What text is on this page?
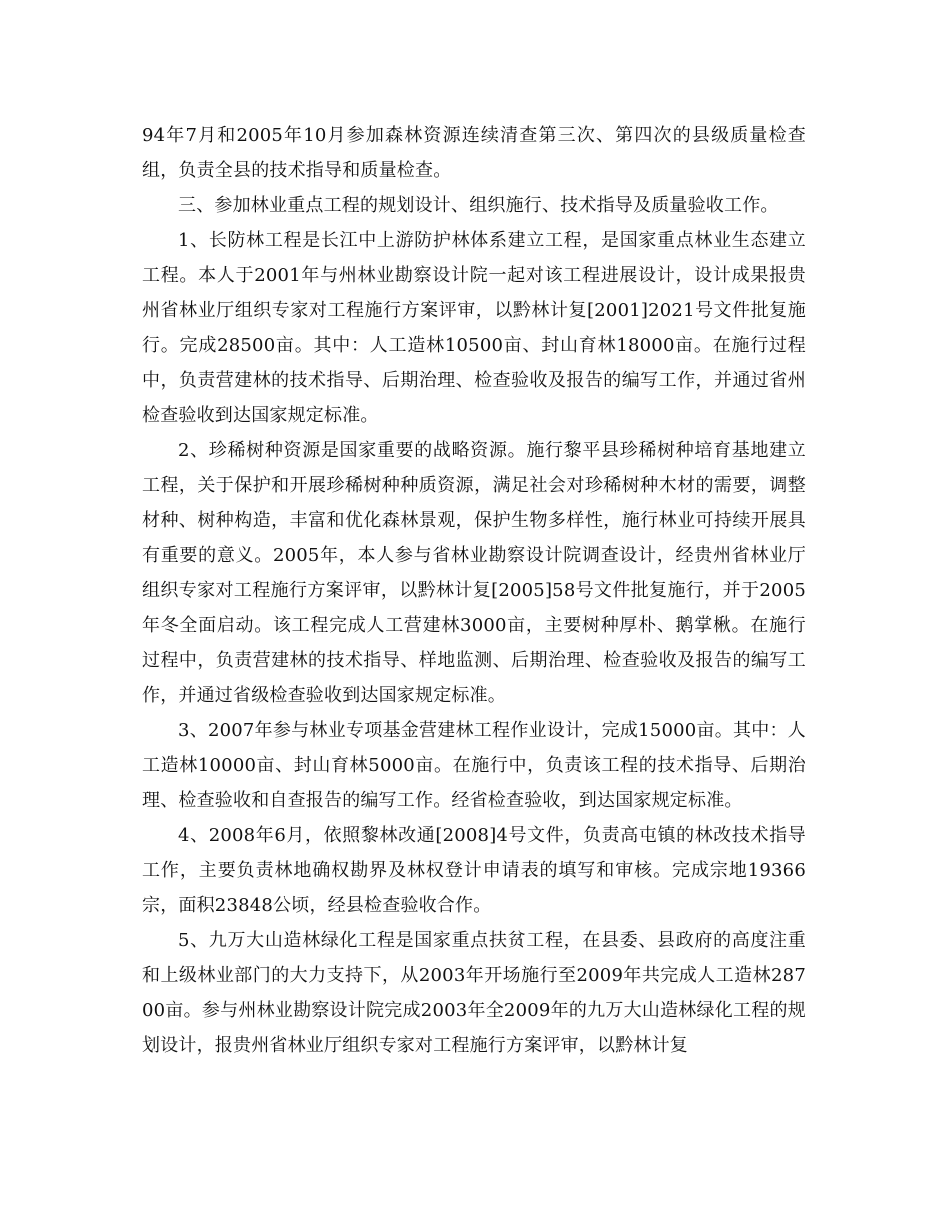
94年7月和2005年10月参加森林资源连续清查第三次、第四次的县级质量检查组，负责全县的技术指导和质量检查。

三、参加林业重点工程的规划设计、组织施行、技术指导及质量验收工作。

1、长防林工程是长江中上游防护林体系建立工程，是国家重点林业生态建立工程。本人于2001年与州林业勘察设计院一起对该工程进展设计，设计成果报贵州省林业厅组织专家对工程施行方案评审，以黔林计复[2001]2021号文件批复施行。完成28500亩。其中：人工造林10500亩、封山育林18000亩。在施行过程中，负责营建林的技术指导、后期治理、检查验收及报告的编写工作，并通过省州检查验收到达国家规定标准。

2、珍稀树种资源是国家重要的战略资源。施行黎平县珍稀树种培育基地建立工程，关于保护和开展珍稀树种种质资源，满足社会对珍稀树种木材的需要，调整材种、树种构造，丰富和优化森林景观，保护生物多样性，施行林业可持续开展具有重要的意义。2005年，本人参与省林业勘察设计院调查设计，经贵州省林业厅组织专家对工程施行方案评审，以黔林计复[2005]58号文件批复施行，并于2005年冬全面启动。该工程完成人工营建林3000亩，主要树种厚朴、鹅掌楸。在施行过程中，负责营建林的技术指导、样地监测、后期治理、检查验收及报告的编写工作，并通过省级检查验收到达国家规定标准。

3、2007年参与林业专项基金营建林工程作业设计，完成15000亩。其中：人工造林10000亩、封山育林5000亩。在施行中，负责该工程的技术指导、后期治理、检查验收和自查报告的编写工作。经省检查验收，到达国家规定标准。

4、2008年6月，依照黎林改通[2008]4号文件，负责高屯镇的林改技术指导工作，主要负责林地确权勘界及林权登计申请表的填写和审核。完成宗地19366宗，面积23848公顷，经县检查验收合作。

5、九万大山造林绿化工程是国家重点扶贫工程，在县委、县政府的高度注重和上级林业部门的大力支持下，从2003年开场施行至2009年共完成人工造林28700亩。参与州林业勘察设计院完成2003年全2009年的九万大山造林绿化工程的规划设计，报贵州省林业厅组织专家对工程施行方案评审，以黔林计复
